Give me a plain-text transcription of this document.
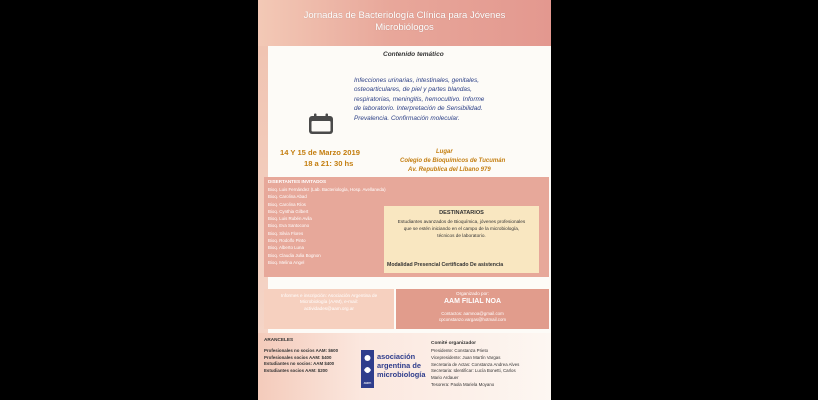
Jornadas de Bacteriología Clínica para Jóvenes
Microbiólogos
Contenido temático
Infecciones urinarias, intestinales, genitales,
osteoarticulares, de piel y partes blandas,
respiratorias, meningitis, hemocultivo. Informe
de laboratorio. Interpretación de Sensibilidad.
Prevalencia. Confirmación molecular.
14 Y 15 de Marzo 2019
18 a 21: 30 hs
Lugar
Colegio de Bioquímicos de Tucumán
Av. Republica del Líbano 979
DISERTANTES INVITADOS
Bioq. Luis Fernández (Lab. Bacteriología, Hosp. Avellaneda)
Bioq. Carolina Abad
Bioq. Carolina Ríos
Bioq. Cynthia Gilbert
Bioq. Luis Rubén Avila
Bioq. Eva Santocono
Bioq. Silvia Flores
Bioq. Rodolfo Pinto
Bioq. Alberto Luna
Bioq. Claudia Julia Bognon
Bioq. Melina Angel
DESTINATARIOS
Estudiantes avanzados de Bioquímica, jóvenes profesionales
que se estén iniciando en el campo de la microbiología,
técnicos de laboratorio.
Modalidad Presencial Certificado De asistencia
Informes e inscripción: Asociación Argentina de
Microbiología (AAM), e-mail:
actividades@aam.org.ar
Organizado por:
AAM FILIAL NOA
Contactos: aamnoa@gmail.com
cpconstanzo.vargas@hotmail.com
ARANCELES
Profesionales no socios AAM: $600
Profesionales socios AAM: $400
Estudiantes no socios: AAM $400
Estudiantes socios AAM: $200
aam
asociación
argentina de
microbiología
Comité organizador
Presidente: Constanza Prieto
Vicepresidente: Juan Martín Vargas
Secretaria de Actas: Constanza Andrea Alves
Secretaria: Identificar: Lucía Bonetti, Carlos
Mario Ardauer
Tesorera: Paola Mariela Moyano
